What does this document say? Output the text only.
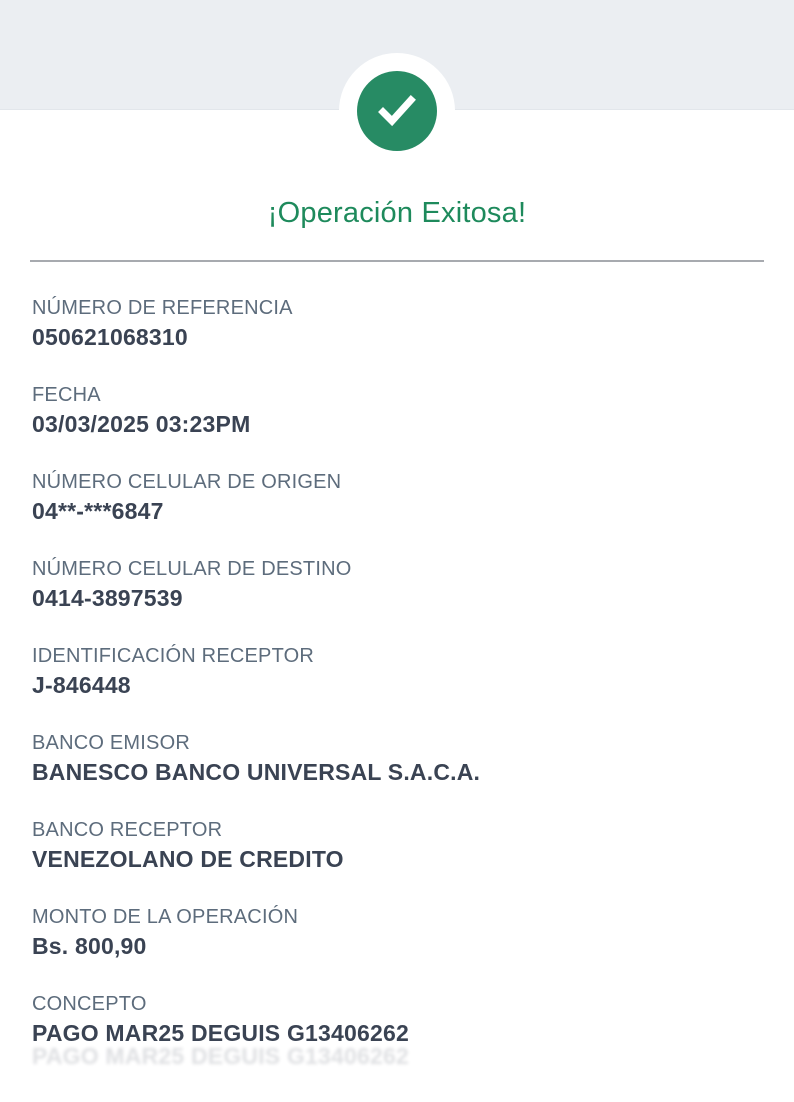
¡Operación Exitosa!
NÚMERO DE REFERENCIA
050621068310
FECHA
03/03/2025 03:23PM
NÚMERO CELULAR DE ORIGEN
04**-***6847
NÚMERO CELULAR DE DESTINO
0414-3897539
IDENTIFICACIÓN RECEPTOR
J-846448
BANCO EMISOR
BANESCO BANCO UNIVERSAL S.A.C.A.
BANCO RECEPTOR
VENEZOLANO DE CREDITO
MONTO DE LA OPERACIÓN
Bs. 800,90
CONCEPTO
PAGO MAR25 DEGUIS G13406262
PAGO MAR25 DEGUIS G13406262
